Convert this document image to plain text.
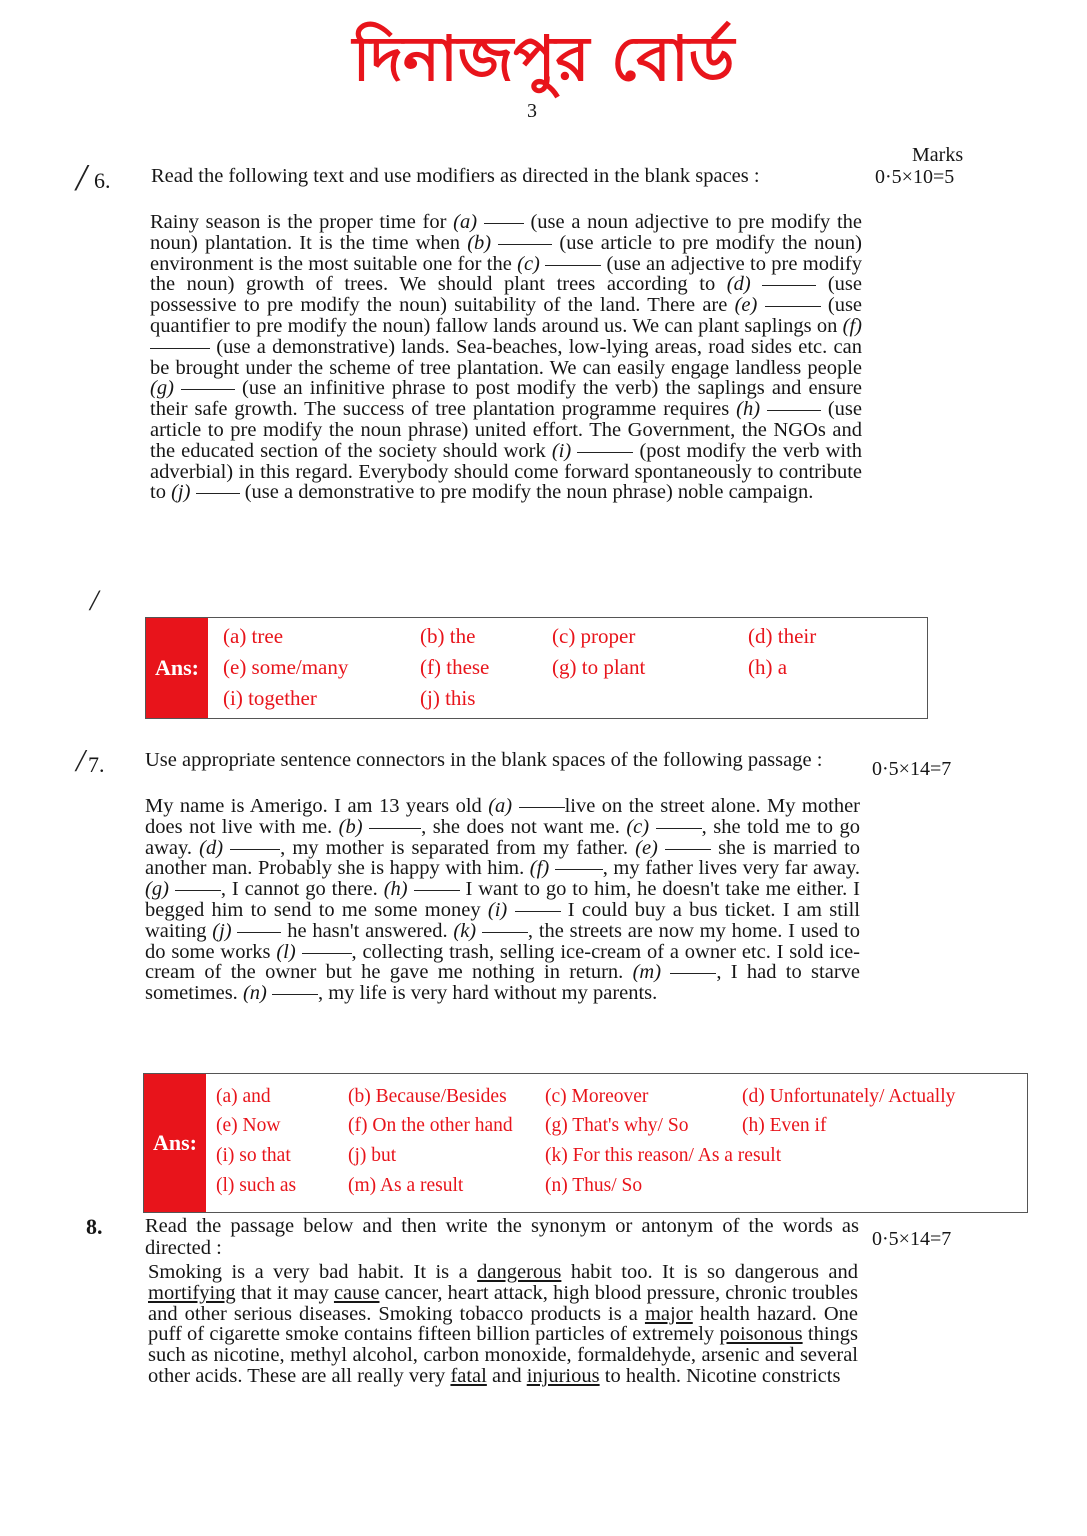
দিনাজপুর বোর্ড
3
Marks
/ 6. Read the following text and use modifiers as directed in the blank spaces :	0·5×10=5
Rainy season is the proper time for (a)  (use a noun adjective to pre modify the noun) plantation. It is the time when (b)	(use article to pre modify the noun) environment is the most suitable one for the (c)	(use an adjective to pre modify the noun) growth of trees. We should plant trees according to (d)	(use possessive to pre modify the noun) suitability of the land. There are (e)	(use quantifier to pre modify the noun) fallow lands around us. We can plant saplings on (f)  (use a demonstrative) lands. Sea-beaches, low-lying areas, road sides etc. can be brought under the scheme of tree plantation. We can easily engage landless people (g)	(use an infinitive phrase to post modify the verb) the saplings and ensure their safe growth. The success of tree plantation programme requires (h)	(use article to pre modify the noun phrase) united effort. The Government, the NGOs and the educated section of the society should work (i)	(post modify the verb with adverbial) in this regard. Everybody should come forward spontaneously to contribute to (j)  (use a demonstrative to pre modify the noun phrase) noble campaign.
/
Ans:
(a) tree	(b) the	(c) proper	(d) their
(e) some/many	(f) these	(g) to plant	(h) a
(i) together	(j) this
/ 7. Use appropriate sentence connectors in the blank spaces of the following passage :	0·5×14=7
My name is Amerigo. I am 13 years old (a)	live on the street alone. My mother does not live with me. (b)	, she does not want me. (c)	, she told me to go away. (d)	, my mother is separated from my father. (e)	she is married to another man. Probably she is happy with him. (f)	, my father lives very far away. (g)	, I cannot go there. (h)	I want to go to him, he doesn't take me either. I begged him to send to me some money (i)	I could buy a bus ticket. I am still waiting (j)  he hasn't answered. (k)	, the streets are now my home. I used to do some works (l)	, collecting trash, selling ice-cream of a owner etc. I sold ice-cream of the owner but he gave me nothing in return. (m)	, I had to starve sometimes. (n) , my life is very hard without my parents.
Ans:
(a) and	(b) Because/Besides (c) Moreover	(d) Unfortunately/ Actually
(e) Now	(f) On the other hand (g) That's why/ So	(h) Even if
(i) so that	(j) but	(k) For this reason/ As a result
(l) such as	(m) As a result	(n) Thus/ So
8. Read the passage below and then write the synonym or antonym of the words as directed :	0·5×14=7
Smoking is a very bad habit. It is a dangerous habit too. It is so dangerous and mortifying that it may cause cancer, heart attack, high blood pressure, chronic troubles and other serious diseases. Smoking tobacco products is a major health hazard. One puff of cigarette smoke contains fifteen billion particles of extremely poisonous things such as nicotine, methyl alcohol, carbon monoxide, formaldehyde, arsenic and several other acids. These are all really very fatal and injurious to health. Nicotine constricts
